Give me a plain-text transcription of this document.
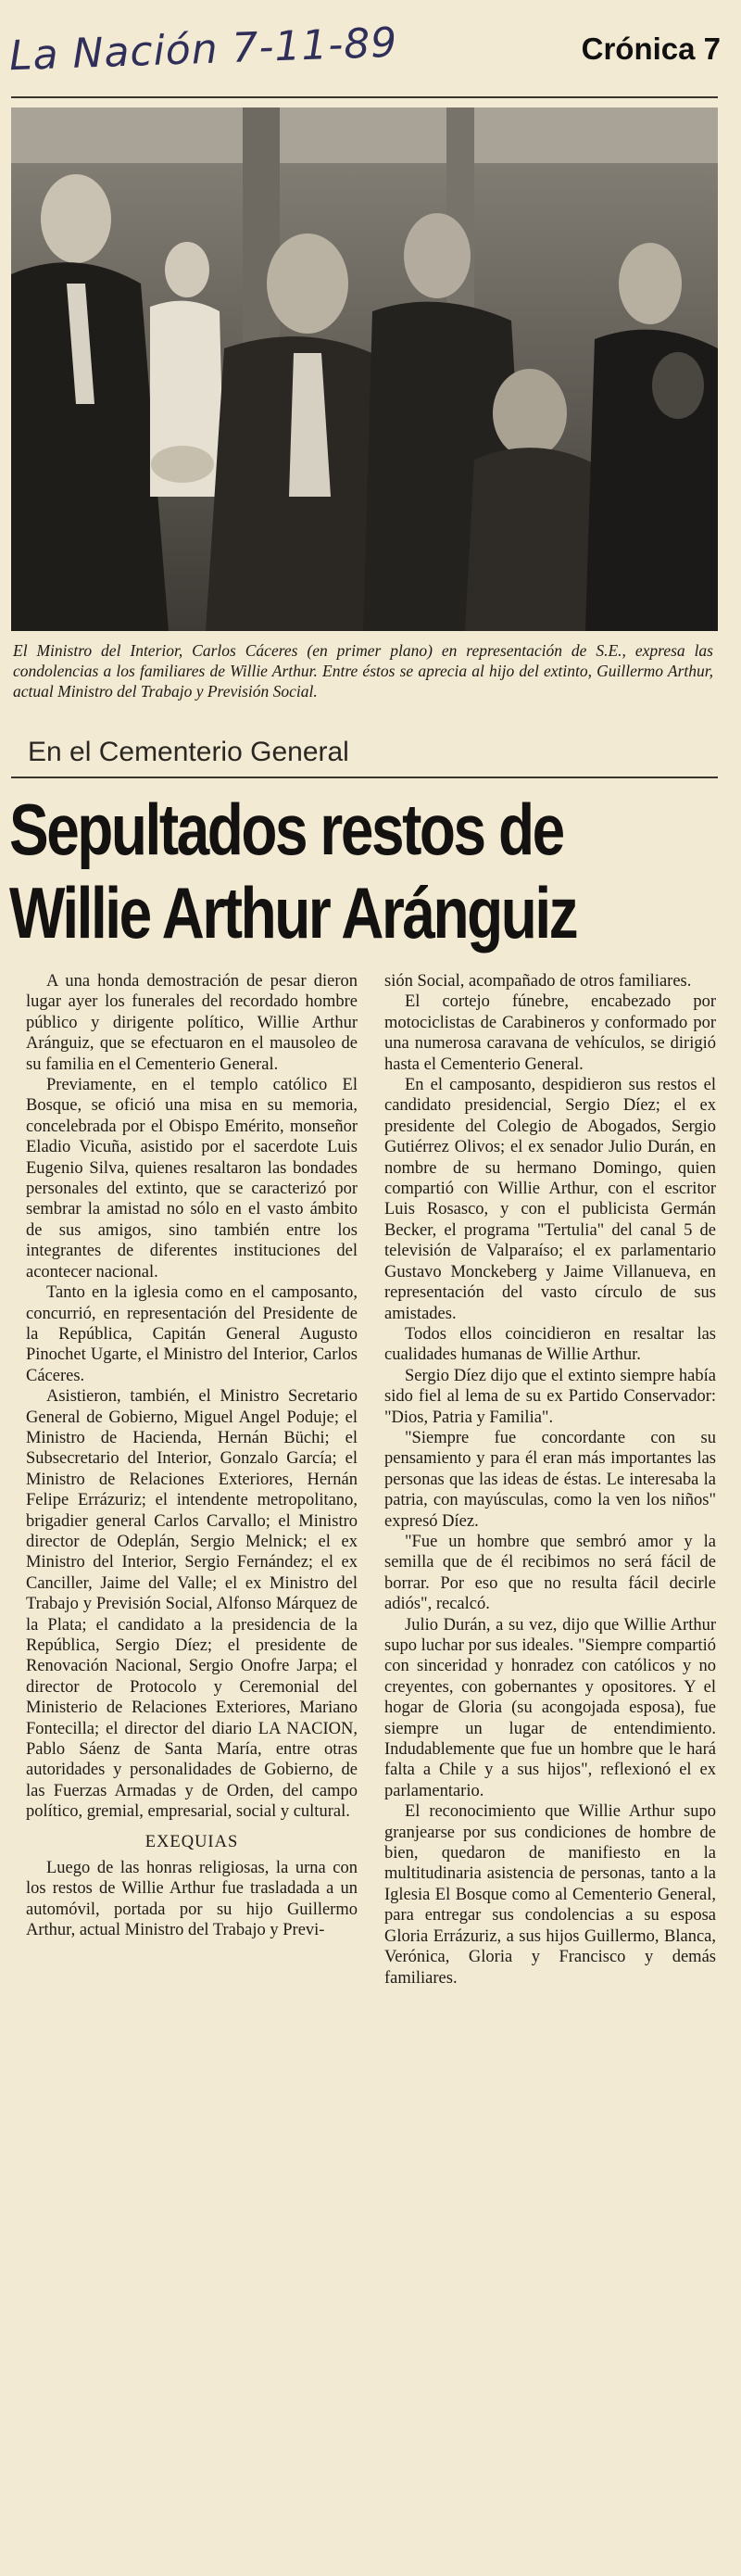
La Nación 7-11-89	Crónica 7
El Ministro del Interior, Carlos Cáceres (en primer plano) en representación de S.E., expresa las condolencias a los familiares de Willie Arthur. Entre éstos se aprecia al hijo del extinto, Guillermo Arthur, actual Ministro del Trabajo y Previsión Social.
En el Cementerio General
Sepultados restos de
Willie Arthur Aránguiz

A una honda demostración de pesar dieron lugar ayer los funerales del recordado hombre público y dirigente político, Willie Arthur Aránguiz, que se efectuaron en el mausoleo de su familia en el Cementerio General.

Previamente, en el templo católico El Bosque, se ofició una misa en su memoria, concelebrada por el Obispo Emérito, monseñor Eladio Vicuña, asistido por el sacerdote Luis Eugenio Silva, quienes resaltaron las bondades personales del extinto, que se caracterizó por sembrar la amistad no sólo en el vasto ámbito de sus amigos, sino también entre los integrantes de diferentes instituciones del acontecer nacional.

Tanto en la iglesia como en el camposanto, concurrió, en representación del Presidente de la República, Capitán General Augusto Pinochet Ugarte, el Ministro del Interior, Carlos Cáceres.

Asistieron, también, el Ministro Secretario General de Gobierno, Miguel Angel Poduje; el Ministro de Hacienda, Hernán Büchi; el Subsecretario del Interior, Gonzalo García; el Ministro de Relaciones Exteriores, Hernán Felipe Errázuriz; el intendente metropolitano, brigadier general Carlos Carvallo; el Ministro director de Odeplán, Sergio Melnick; el ex Ministro del Interior, Sergio Fernández; el ex Canciller, Jaime del Valle; el ex Ministro del Trabajo y Previsión Social, Alfonso Márquez de la Plata; el candidato a la presidencia de la República, Sergio Díez; el presidente de Renovación Nacional, Sergio Onofre Jarpa; el director de Protocolo y Ceremonial del Ministerio de Relaciones Exteriores, Mariano Fontecilla; el director del diario LA NACION, Pablo Sáenz de Santa María, entre otras autoridades y personalidades de Gobierno, de las Fuerzas Armadas y de Orden, del campo político, gremial, empresarial, social y cultural.

EXEQUIAS

Luego de las honras religiosas, la urna con los restos de Willie Arthur fue trasladada a un automóvil, portada por su hijo Guillermo Arthur, actual Ministro del Trabajo y Previ-

sión Social, acompañado de otros familiares.

El cortejo fúnebre, encabezado por motociclistas de Carabineros y conformado por una numerosa caravana de vehículos, se dirigió hasta el Cementerio General.

En el camposanto, despidieron sus restos el candidato presidencial, Sergio Díez; el ex presidente del Colegio de Abogados, Sergio Gutiérrez Olivos; el ex senador Julio Durán, en nombre de su hermano Domingo, quien compartió con Willie Arthur, con el escritor Luis Rosasco, y con el publicista Germán Becker, el programa "Tertulia" del canal 5 de televisión de Valparaíso; el ex parlamentario Gustavo Monckeberg y Jaime Villanueva, en representación del vasto círculo de sus amistades.

Todos ellos coincidieron en resaltar las cualidades humanas de Willie Arthur.

Sergio Díez dijo que el extinto siempre había sido fiel al lema de su ex Partido Conservador: "Dios, Patria y Familia".

"Siempre fue concordante con su pensamiento y para él eran más importantes las personas que las ideas de éstas. Le interesaba la patria, con mayúsculas, como la ven los niños" expresó Díez.

"Fue un hombre que sembró amor y la semilla que de él recibimos no será fácil de borrar. Por eso que no resulta fácil decirle adiós", recalcó.

Julio Durán, a su vez, dijo que Willie Arthur supo luchar por sus ideales. "Siempre compartió con sinceridad y honradez con católicos y no creyentes, con gobernantes y opositores. Y el hogar de Gloria (su acongojada esposa), fue siempre un lugar de entendimiento. Indudablemente que fue un hombre que le hará falta a Chile y a sus hijos", reflexionó el ex parlamentario.

El reconocimiento que Willie Arthur supo granjearse por sus condiciones de hombre de bien, quedaron de manifiesto en la multitudinaria asistencia de personas, tanto a la Iglesia El Bosque como al Cementerio General, para entregar sus condolencias a su esposa Gloria Errázuriz, a sus hijos Guillermo, Blanca, Verónica, Gloria y Francisco y demás familiares.
